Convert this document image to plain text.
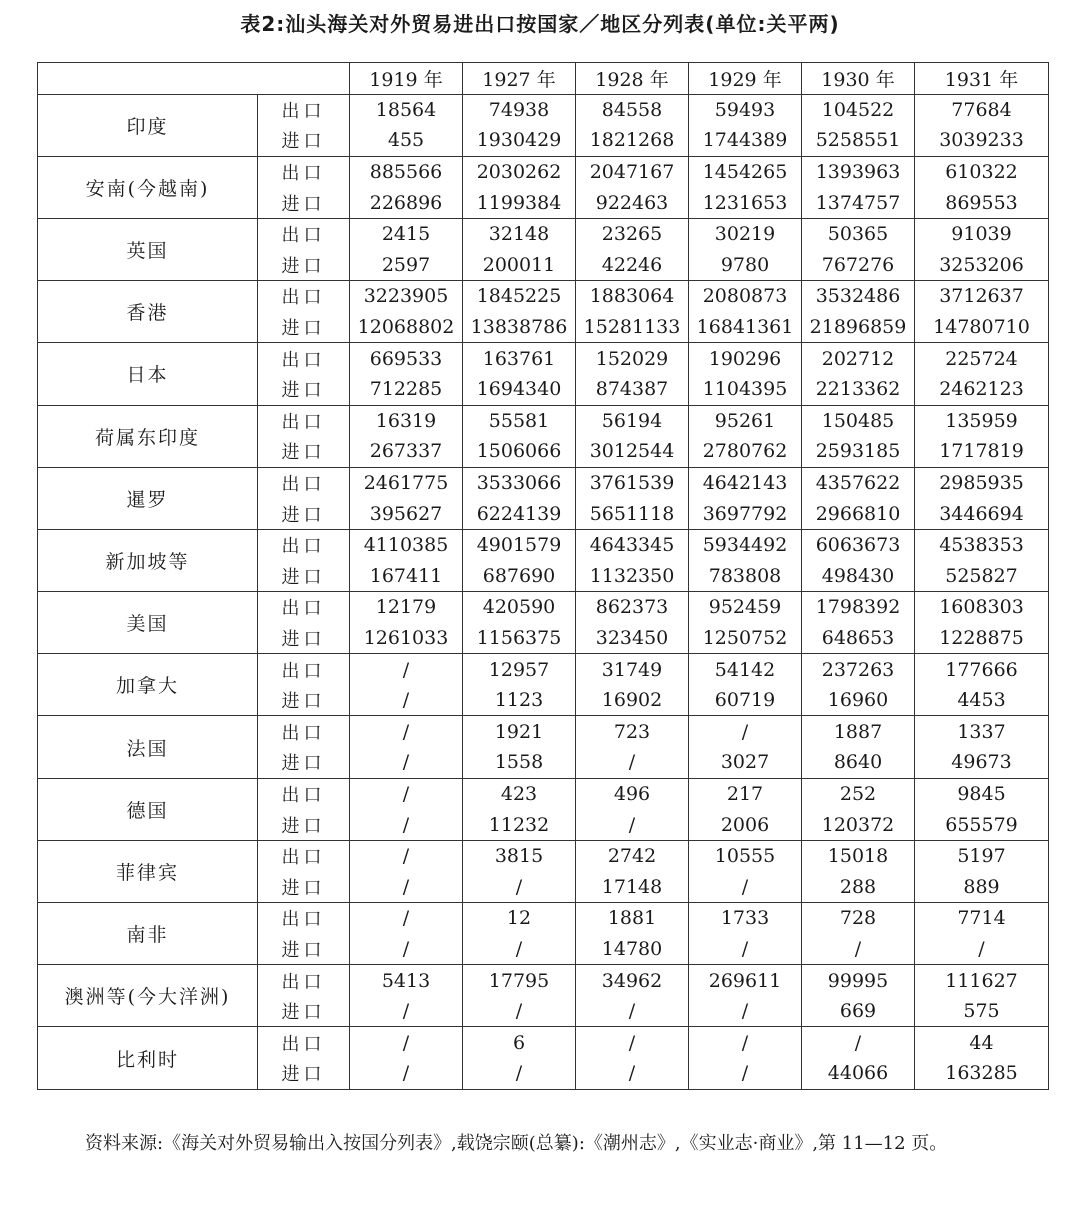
表2:汕头海关对外贸易进出口按国家／地区分列表(单位:关平两)
		1919 年	1927 年	1928 年	1929 年	1930 年	1931 年
印度	出口	18564	74938	84558	59493	104522	77684
	进口	455	1930429	1821268	1744389	5258551	3039233
安南(今越南)	出口	885566	2030262	2047167	1454265	1393963	610322
	进口	226896	1199384	922463	1231653	1374757	869553
英国	出口	2415	32148	23265	30219	50365	91039
	进口	2597	200011	42246	9780	767276	3253206
香港	出口	3223905	1845225	1883064	2080873	3532486	3712637
	进口	12068802	13838786	15281133	16841361	21896859	14780710
日本	出口	669533	163761	152029	190296	202712	225724
	进口	712285	1694340	874387	1104395	2213362	2462123
荷属东印度	出口	16319	55581	56194	95261	150485	135959
	进口	267337	1506066	3012544	2780762	2593185	1717819
暹罗	出口	2461775	3533066	3761539	4642143	4357622	2985935
	进口	395627	6224139	5651118	3697792	2966810	3446694
新加坡等	出口	4110385	4901579	4643345	5934492	6063673	4538353
	进口	167411	687690	1132350	783808	498430	525827
美国	出口	12179	420590	862373	952459	1798392	1608303
	进口	1261033	1156375	323450	1250752	648653	1228875
加拿大	出口	/	12957	31749	54142	237263	177666
	进口	/	1123	16902	60719	16960	4453
法国	出口	/	1921	723	/	1887	1337
	进口	/	1558	/	3027	8640	49673
德国	出口	/	423	496	217	252	9845
	进口	/	11232	/	2006	120372	655579
菲律宾	出口	/	3815	2742	10555	15018	5197
	进口	/	/	17148	/	288	889
南非	出口	/	12	1881	1733	728	7714
	进口	/	/	14780	/	/	/
澳洲等(今大洋洲)	出口	5413	17795	34962	269611	99995	111627
	进口	/	/	/	/	669	575
比利时	出口	/	6	/	/	/	44
	进口	/	/	/	/	44066	163285
资料来源:《海关对外贸易输出入按国分列表》,载饶宗颐(总纂):《潮州志》,《实业志·商业》,第 11—12 页。
